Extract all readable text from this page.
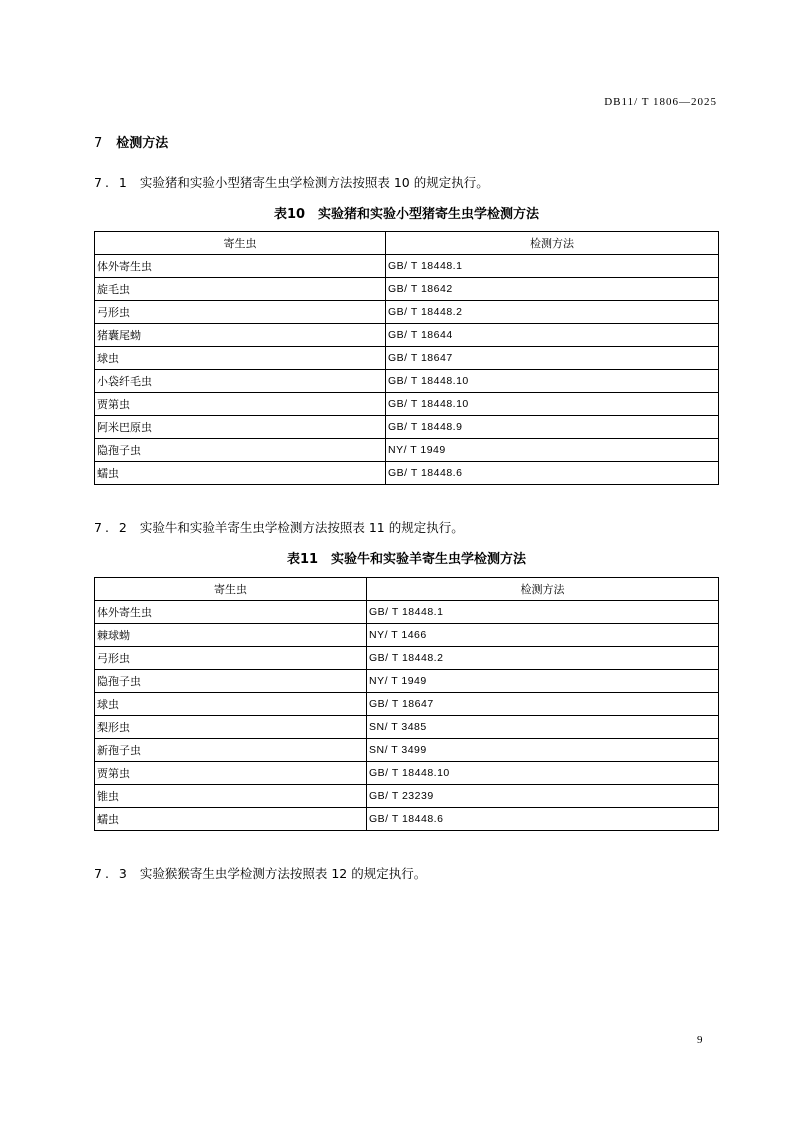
DB11/ T 1806—2025
7 检测方法
7. 1 实验猪和实验小型猪寄生虫学检测方法按照表 10 的规定执行。
表10　实验猪和实验小型猪寄生虫学检测方法
寄生虫	检测方法
体外寄生虫	GB/ T 18448.1
旋毛虫	GB/ T 18642
弓形虫	GB/ T 18448.2
猪囊尾蚴	GB/ T 18644
球虫	GB/ T 18647
小袋纤毛虫	GB/ T 18448.10
贾第虫	GB/ T 18448.10
阿米巴原虫	GB/ T 18448.9
隐孢子虫	NY/ T 1949
蠕虫	GB/ T 18448.6
7. 2 实验牛和实验羊寄生虫学检测方法按照表 11 的规定执行。
表11　实验牛和实验羊寄生虫学检测方法
寄生虫	检测方法
体外寄生虫	GB/ T 18448.1
棘球蚴	NY/ T 1466
弓形虫	GB/ T 18448.2
隐孢子虫	NY/ T 1949
球虫	GB/ T 18647
梨形虫	SN/ T 3485
新孢子虫	SN/ T 3499
贾第虫	GB/ T 18448.10
锥虫	GB/ T 23239
蠕虫	GB/ T 18448.6
7. 3 实验猴猴寄生虫学检测方法按照表 12 的规定执行。
9
